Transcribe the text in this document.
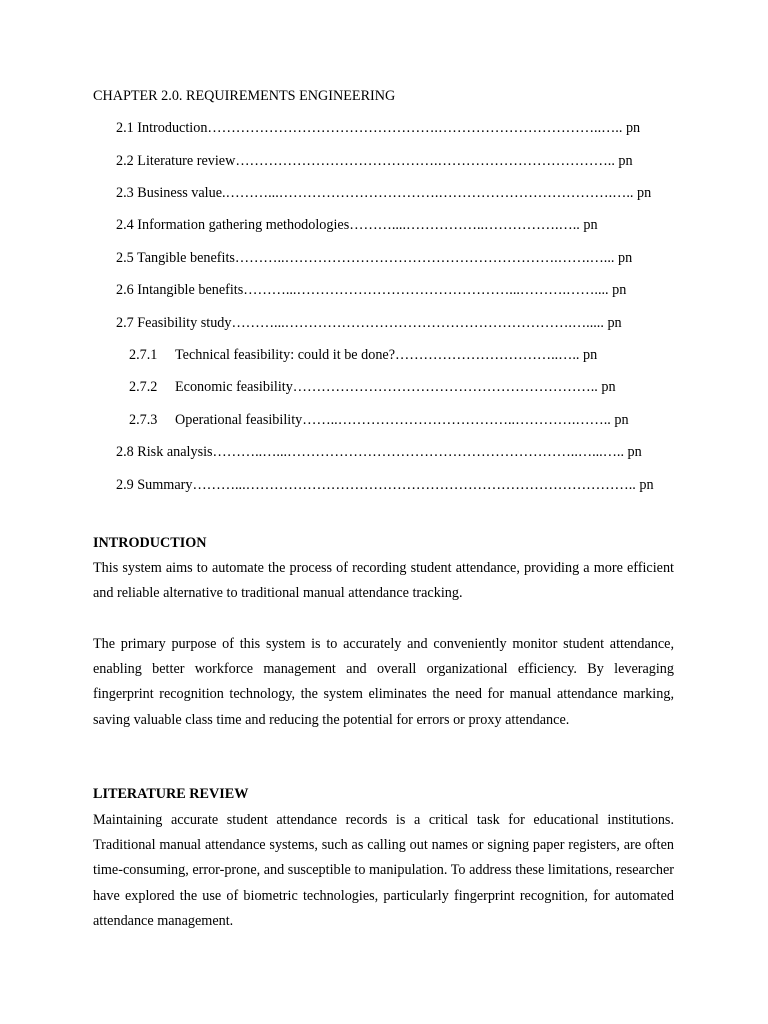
CHAPTER 2.0. REQUIREMENTS ENGINEERING
2.1 Introduction………………………………………….……………………………..….. pn
2.2 Literature review…………………………………….……………………………….. pn
2.3 Business value.………...…………………………….……………………………….….. pn
2.4 Information gathering methodologies………....……………..…………….….. pn
2.5 Tangible benefits………..………………………………………………….…….…... pn
2.6 Intangible benefits………...………………………………………...……….…….... pn
2.7 Feasibility study………...…………………………………………………….…..... pn
2.7.1 Technical feasibility: could it be done?……………………………..….. pn
2.7.2 Economic feasibility……………………………………………………….. pn
2.7.3 Operational feasibility……..………………………………..………….…….. pn
2.8 Risk analysis………..…...……………………………………………………..…...….. pn
2.9 Summary………...……………………………………………………………………….. pn
INTRODUCTION

This system aims to automate the process of recording student attendance, providing a more efficient and reliable alternative to traditional manual attendance tracking.

The primary purpose of this system is to accurately and conveniently monitor student attendance, enabling better workforce management and overall organizational efficiency. By leveraging fingerprint recognition technology, the system eliminates the need for manual attendance marking, saving valuable class time and reducing the potential for errors or proxy attendance.

LITERATURE REVIEW

Maintaining accurate student attendance records is a critical task for educational institutions. Traditional manual attendance systems, such as calling out names or signing paper registers, are often time-consuming, error-prone, and susceptible to manipulation. To address these limitations, researcher have explored the use of biometric technologies, particularly fingerprint recognition, for automated attendance management.
